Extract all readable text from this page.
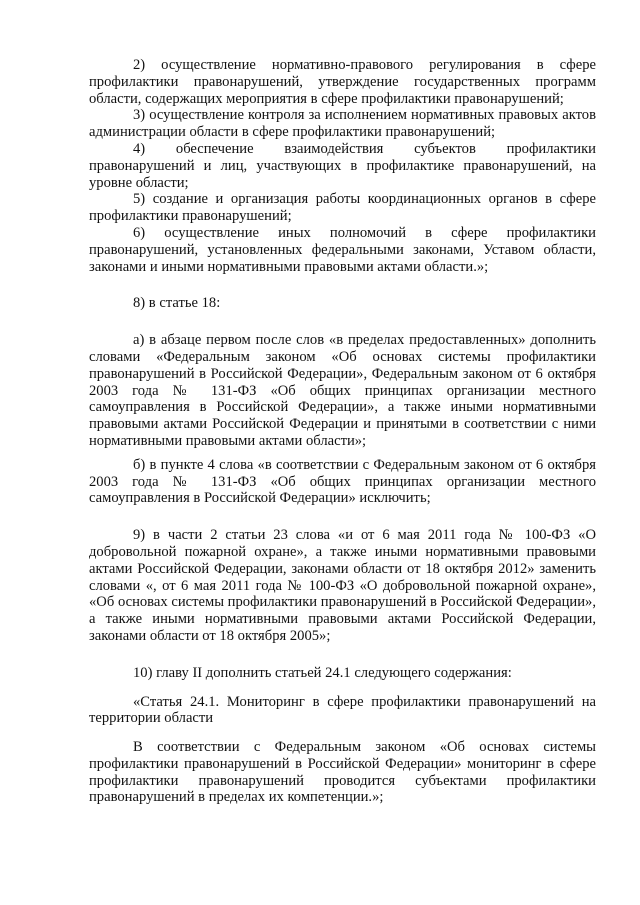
2) осуществление нормативно-правового регулирования в сфере профилактики правонарушений, утверждение государственных программ области, содержащих мероприятия в сфере профилактики правонарушений;

3) осуществление контроля за исполнением нормативных правовых актов администрации области в сфере профилактики правонарушений;

4) обеспечение взаимодействия субъектов профилактики правонарушений и лиц, участвующих в профилактике правонарушений, на уровне области;

5) создание и организация работы координационных органов в сфере профилактики правонарушений;

6) осуществление иных полномочий в сфере профилактики правонарушений, установленных федеральными законами, Уставом области, законами и иными нормативными правовыми актами области.»;

8) в статье 18:

а) в абзаце первом после слов «в пределах предоставленных» дополнить словами «Федеральным законом «Об основах системы профилактики правонарушений в Российской Федерации», Федеральным законом от 6 октября 2003 года № 131-ФЗ «Об общих принципах организации местного самоуправления в Российской Федерации», а также иными нормативными правовыми актами Российской Федерации и принятыми в соответствии с ними нормативными правовыми актами области»;

б) в пункте 4 слова «в соответствии с Федеральным законом от 6 октября 2003 года № 131-ФЗ «Об общих принципах организации местного самоуправления в Российской Федерации» исключить;

9) в части 2 статьи 23 слова «и от 6 мая 2011 года № 100-ФЗ «О добровольной пожарной охране», а также иными нормативными правовыми актами Российской Федерации, законами области от 18 октября 2012» заменить словами «, от 6 мая 2011 года № 100-ФЗ «О добровольной пожарной охране», «Об основах системы профилактики правонарушений в Российской Федерации», а также иными нормативными правовыми актами Российской Федерации, законами области от 18 октября 2005»;

10) главу II дополнить статьей 24.1 следующего содержания:

«Статья 24.1. Мониторинг в сфере профилактики правонарушений на территории области

В соответствии с Федеральным законом «Об основах системы профилактики правонарушений в Российской Федерации» мониторинг в сфере профилактики правонарушений проводится субъектами профилактики правонарушений в пределах их компетенции.»;
